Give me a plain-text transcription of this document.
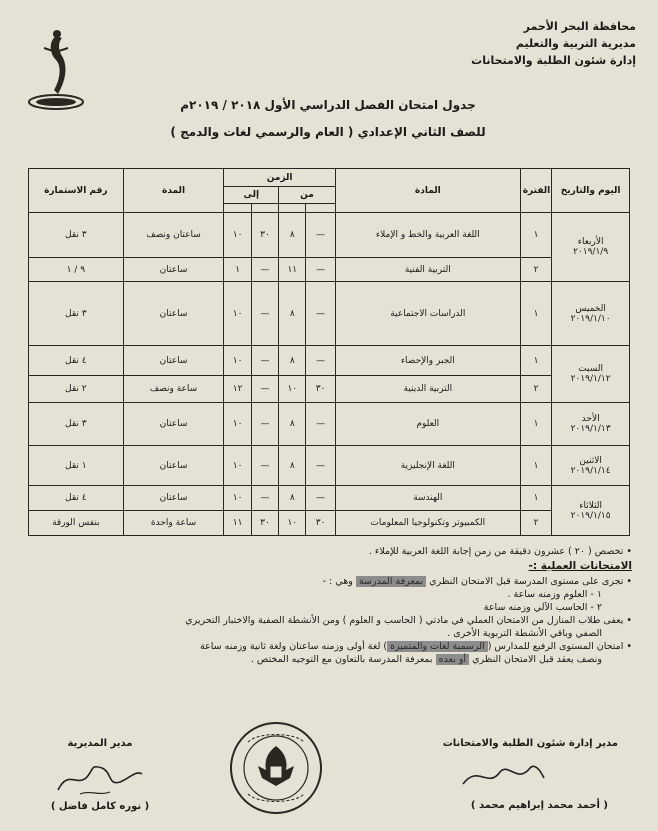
محافظة البحر الأحمر
مديرية التربية والتعليم
إدارة شئون الطلبة والامتحانات
جدول امتحان الفصل الدراسي الأول ٢٠١٨ / ٢٠١٩م
للصف الثاني الإعدادي ( العام والرسمي لغات والدمج )
اليوم والتاريخ	الفترة	المادة	الزمن				المدة	رقم الاستمارة
			من		إلى			

الأربعاء
٢٠١٩/١/٩	١	اللغة العربية والخط و الإملاء	—	٨	٣٠	١٠	ساعتان ونصف	٣ نقل
	٢	التربية الفنية	—	١١	—	١	ساعتان	٩ / ١

الخميس
٢٠١٩/١/١٠	١	الدراسات الاجتماعية	—	٨	—	١٠	ساعتان	٣ نقل

السبت
٢٠١٩/١/١٢	١	الجبر والإحصاء	—	٨	—	١٠	ساعتان	٤ نقل
	٢	التربية الدينية	٣٠	١٠	—	١٢	ساعة ونصف	٢ نقل

الأحد
٢٠١٩/١/١٣	١	العلوم	—	٨	—	١٠	ساعتان	٣ نقل

الاثنين
٢٠١٩/١/١٤	١	اللغة الإنجليزية	—	٨	—	١٠	ساعتان	١ نقل

الثلاثاء
٢٠١٩/١/١٥	١	الهندسة	—	٨	—	١٠	ساعتان	٤ نقل
	٢	الكمبيوتر وتكنولوجيا المعلومات	٣٠	١٠	٣٠	١١	ساعة واحدة	بنفس الورقة
• تخصص ( ٢٠ ) عشرون دقيقة من زمن إجابة اللغة العربية للإملاء .
الامتحانات العملية :-
• تجرى على مستوى المدرسة قبل الامتحان النظري بمعرفة المدرسة وهي : -
١ - العلوم وزمنه ساعة .
٢ - الحاسب الآلي وزمنه ساعة
• يعفى طلاب المنازل من الامتحان العملي في مادتي ( الحاسب و العلوم ) ومن الأنشطة الصفية والاختبار التحريري
الصفي وباقي الأنشطة التربوية الأخرى .
• امتحان المستوى الرفيع للمدارس (الرسمية لغات والمتميزة) لغة أولى وزمنه ساعتان ولغة ثانية وزمنه ساعة
ونصف يعقد قبل الامتحان النظري أو بعده بمعرفة المدرسة بالتعاون مع التوجيه المختص .
مدير إدارة شئون الطلبة والامتحانات
( أحمد محمد إبراهيم محمد )
مدير المديرية
( نوره كامل فاضل )
